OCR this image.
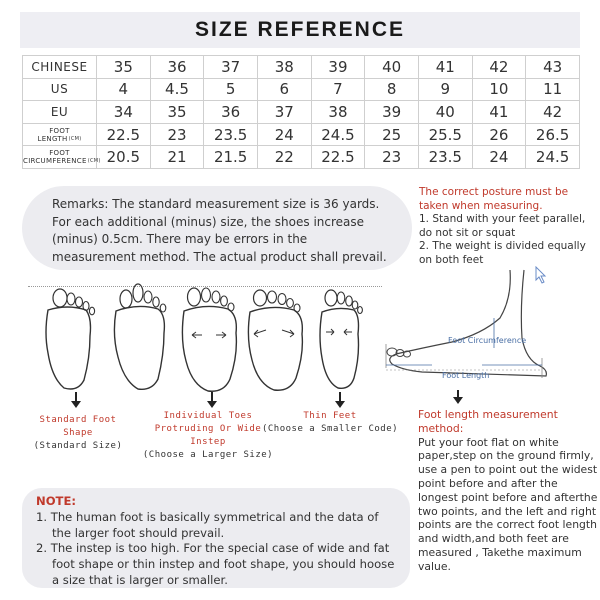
SIZE REFERENCE
CHINESE	35	36	37	38	39	40	41	42	43
US	4	4.5	5	6	7	8	9	10	11
EU	34	35	36	37	38	39	40	41	42

FOOT
$LENGTH^{(CM)}$	22.5	23	23.5	24	24.5	25	25.5	26	26.5

FOOT
$CIRCUMFERENCE^{(CM)}$	20.5	21	21.5	22	22.5	23	23.5	24	24.5

Remarks: The standard measurement size is 36 yards. For each additional (minus) size, the shoes increase (minus) 0.5cm. There may be errors in the measurement method. The actual product shall prevail.

The correct posture must be taken when measuring.
1. Stand with your feet parallel, do not sit or squat
2. The weight is divided equally on both feet
Standard Foot Shape
(Standard Size)
Individual Toes Protruding Or Wide Instep
(Choose a Larger Size)
Thin Feet
(Choose a Smaller Code)
Foot Circumference
Foot Length
Foot length measurement method:
Put your foot flat on white paper,step on the ground firmly, use a pen to point out the widest point before and after the longest point before and afterthe two points, and the left and right points are the correct foot length and width,and both feet are measured , Takethe maximum value.
NOTE:
1. The human foot is basically symmetrical and the data of the larger foot should prevail.
2. The instep is too high. For the special case of wide and fat foot shape or thin instep and foot shape, you should hoose a size that is larger or smaller.
